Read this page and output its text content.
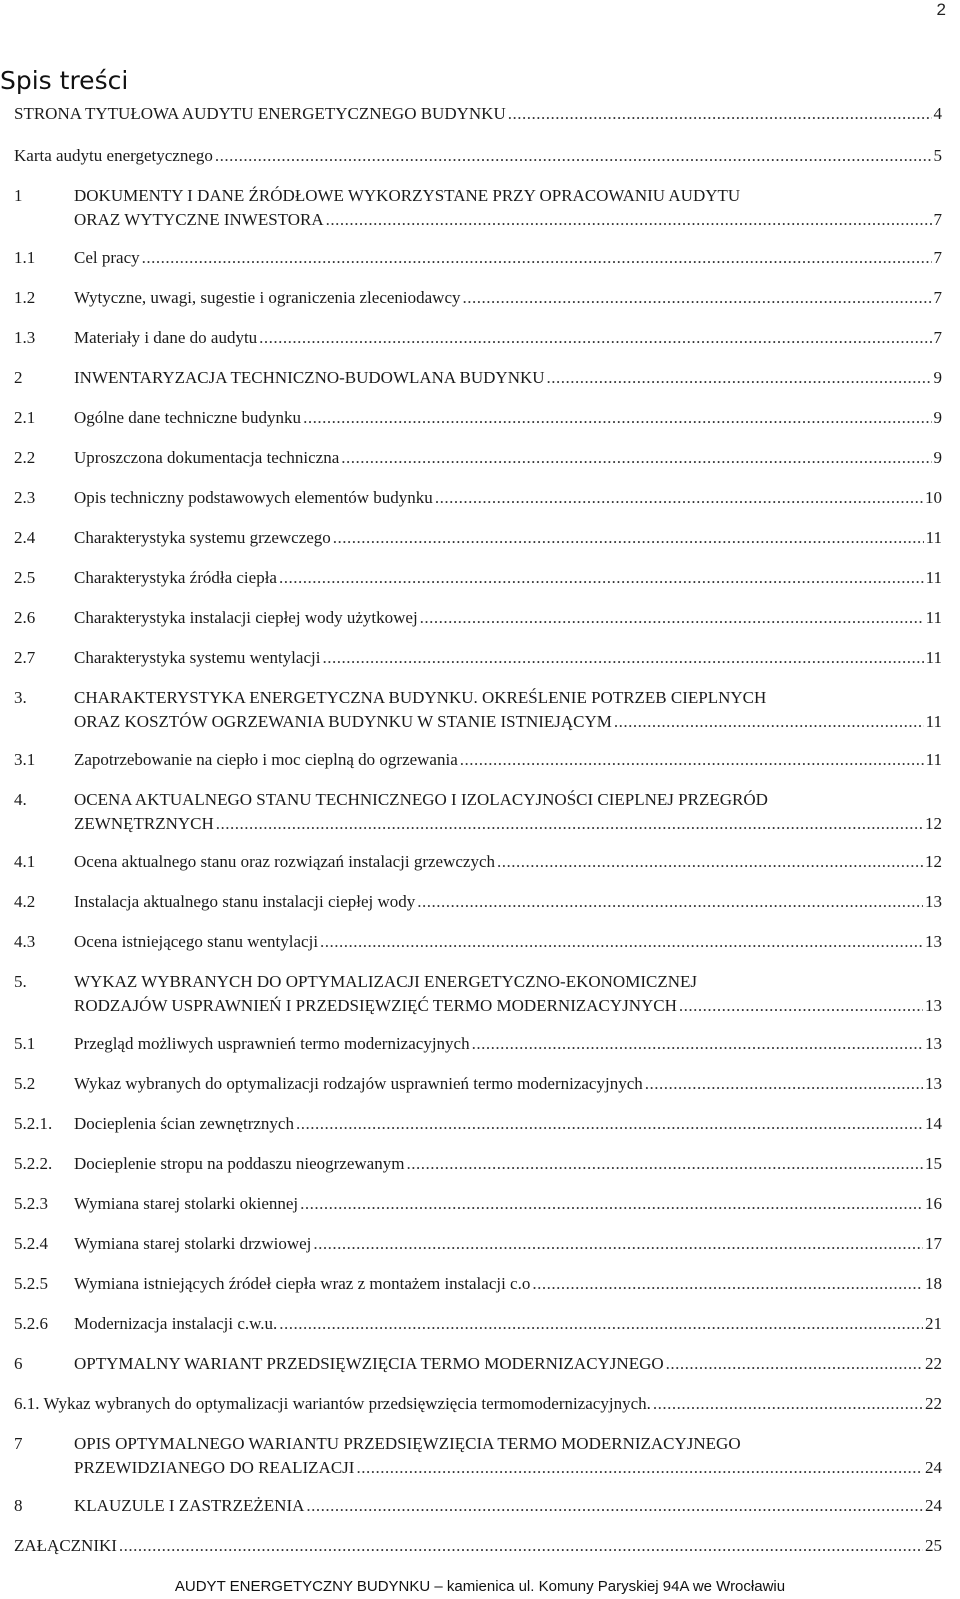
2
Spis treści
STRONA TYTUŁOWA AUDYTU ENERGETYCZNEGO BUDYNKU .....	4
Karta audytu energetycznego .....	5
1	DOKUMENTY I DANE ŹRÓDŁOWE WYKORZYSTANE PRZY OPRACOWANIU AUDYTU
ORAZ WYTYCZNE INWESTORA .....	7
1.1 Cel pracy .....	7
1.2 Wytyczne, uwagi, sugestie i ograniczenia zleceniodawcy .....	7
1.3 Materiały i dane do audytu .....	7
2	INWENTARYZACJA TECHNICZNO-BUDOWLANA BUDYNKU .....	9
2.1 Ogólne dane techniczne budynku .....	9
2.2 Uproszczona dokumentacja techniczna .....	9
2.3 Opis techniczny podstawowych elementów budynku .....	10
2.4 Charakterystyka systemu grzewczego .....	11
2.5 Charakterystyka źródła ciepła .....	11
2.6 Charakterystyka instalacji ciepłej wody użytkowej .....	11
2.7 Charakterystyka systemu wentylacji .....	11
3.	CHARAKTERYSTYKA ENERGETYCZNA BUDYNKU. OKREŚLENIE POTRZEB CIEPLNYCH
ORAZ KOSZTÓW OGRZEWANIA BUDYNKU W STANIE ISTNIEJĄCYM .....	11
3.1 Zapotrzebowanie na ciepło i moc cieplną do ogrzewania .....	11
4.	OCENA AKTUALNEGO STANU TECHNICZNEGO I IZOLACYJNOŚCI CIEPLNEJ PRZEGRÓD
ZEWNĘTRZNYCH .....	12
4.1 Ocena aktualnego stanu oraz rozwiązań instalacji grzewczych .....	12
4.2 Instalacja aktualnego stanu instalacji ciepłej wody .....	13
4.3 Ocena istniejącego stanu wentylacji .....	13
5.	WYKAZ WYBRANYCH DO OPTYMALIZACJI ENERGETYCZNO-EKONOMICZNEJ
RODZAJÓW USPRAWNIEŃ I PRZEDSIĘWZIĘĆ TERMO MODERNIZACYJNYCH .....	13
5.1 Przegląd możliwych usprawnień termo modernizacyjnych .....	13
5.2 Wykaz wybranych do optymalizacji rodzajów usprawnień termo modernizacyjnych .....	13
5.2.1. Docieplenia ścian zewnętrznych .....	14
5.2.2. Docieplenie stropu na poddaszu nieogrzewanym .....	15
5.2.3 Wymiana starej stolarki okiennej .....	16
5.2.4 Wymiana starej stolarki drzwiowej .....	17
5.2.5 Wymiana istniejących źródeł ciepła wraz z montażem instalacji c.o .....	18
5.2.6 Modernizacja instalacji c.w.u. .....	21
6	OPTYMALNY WARIANT PRZEDSIĘWZIĘCIA TERMO MODERNIZACYJNEGO .....	22
6.1. Wykaz wybranych do optymalizacji wariantów przedsięwzięcia termomodernizacyjnych. .....	22
7	OPIS OPTYMALNEGO WARIANTU PRZEDSIĘWZIĘCIA TERMO MODERNIZACYJNEGO
PRZEWIDZIANEGO DO REALIZACJI .....	24
8	KLAUZULE I ZASTRZEŻENIA .....	24
ZAŁĄCZNIKI .....	25
AUDYT ENERGETYCZNY BUDYNKU – kamienica ul. Komuny Paryskiej 94A we Wrocławiu
